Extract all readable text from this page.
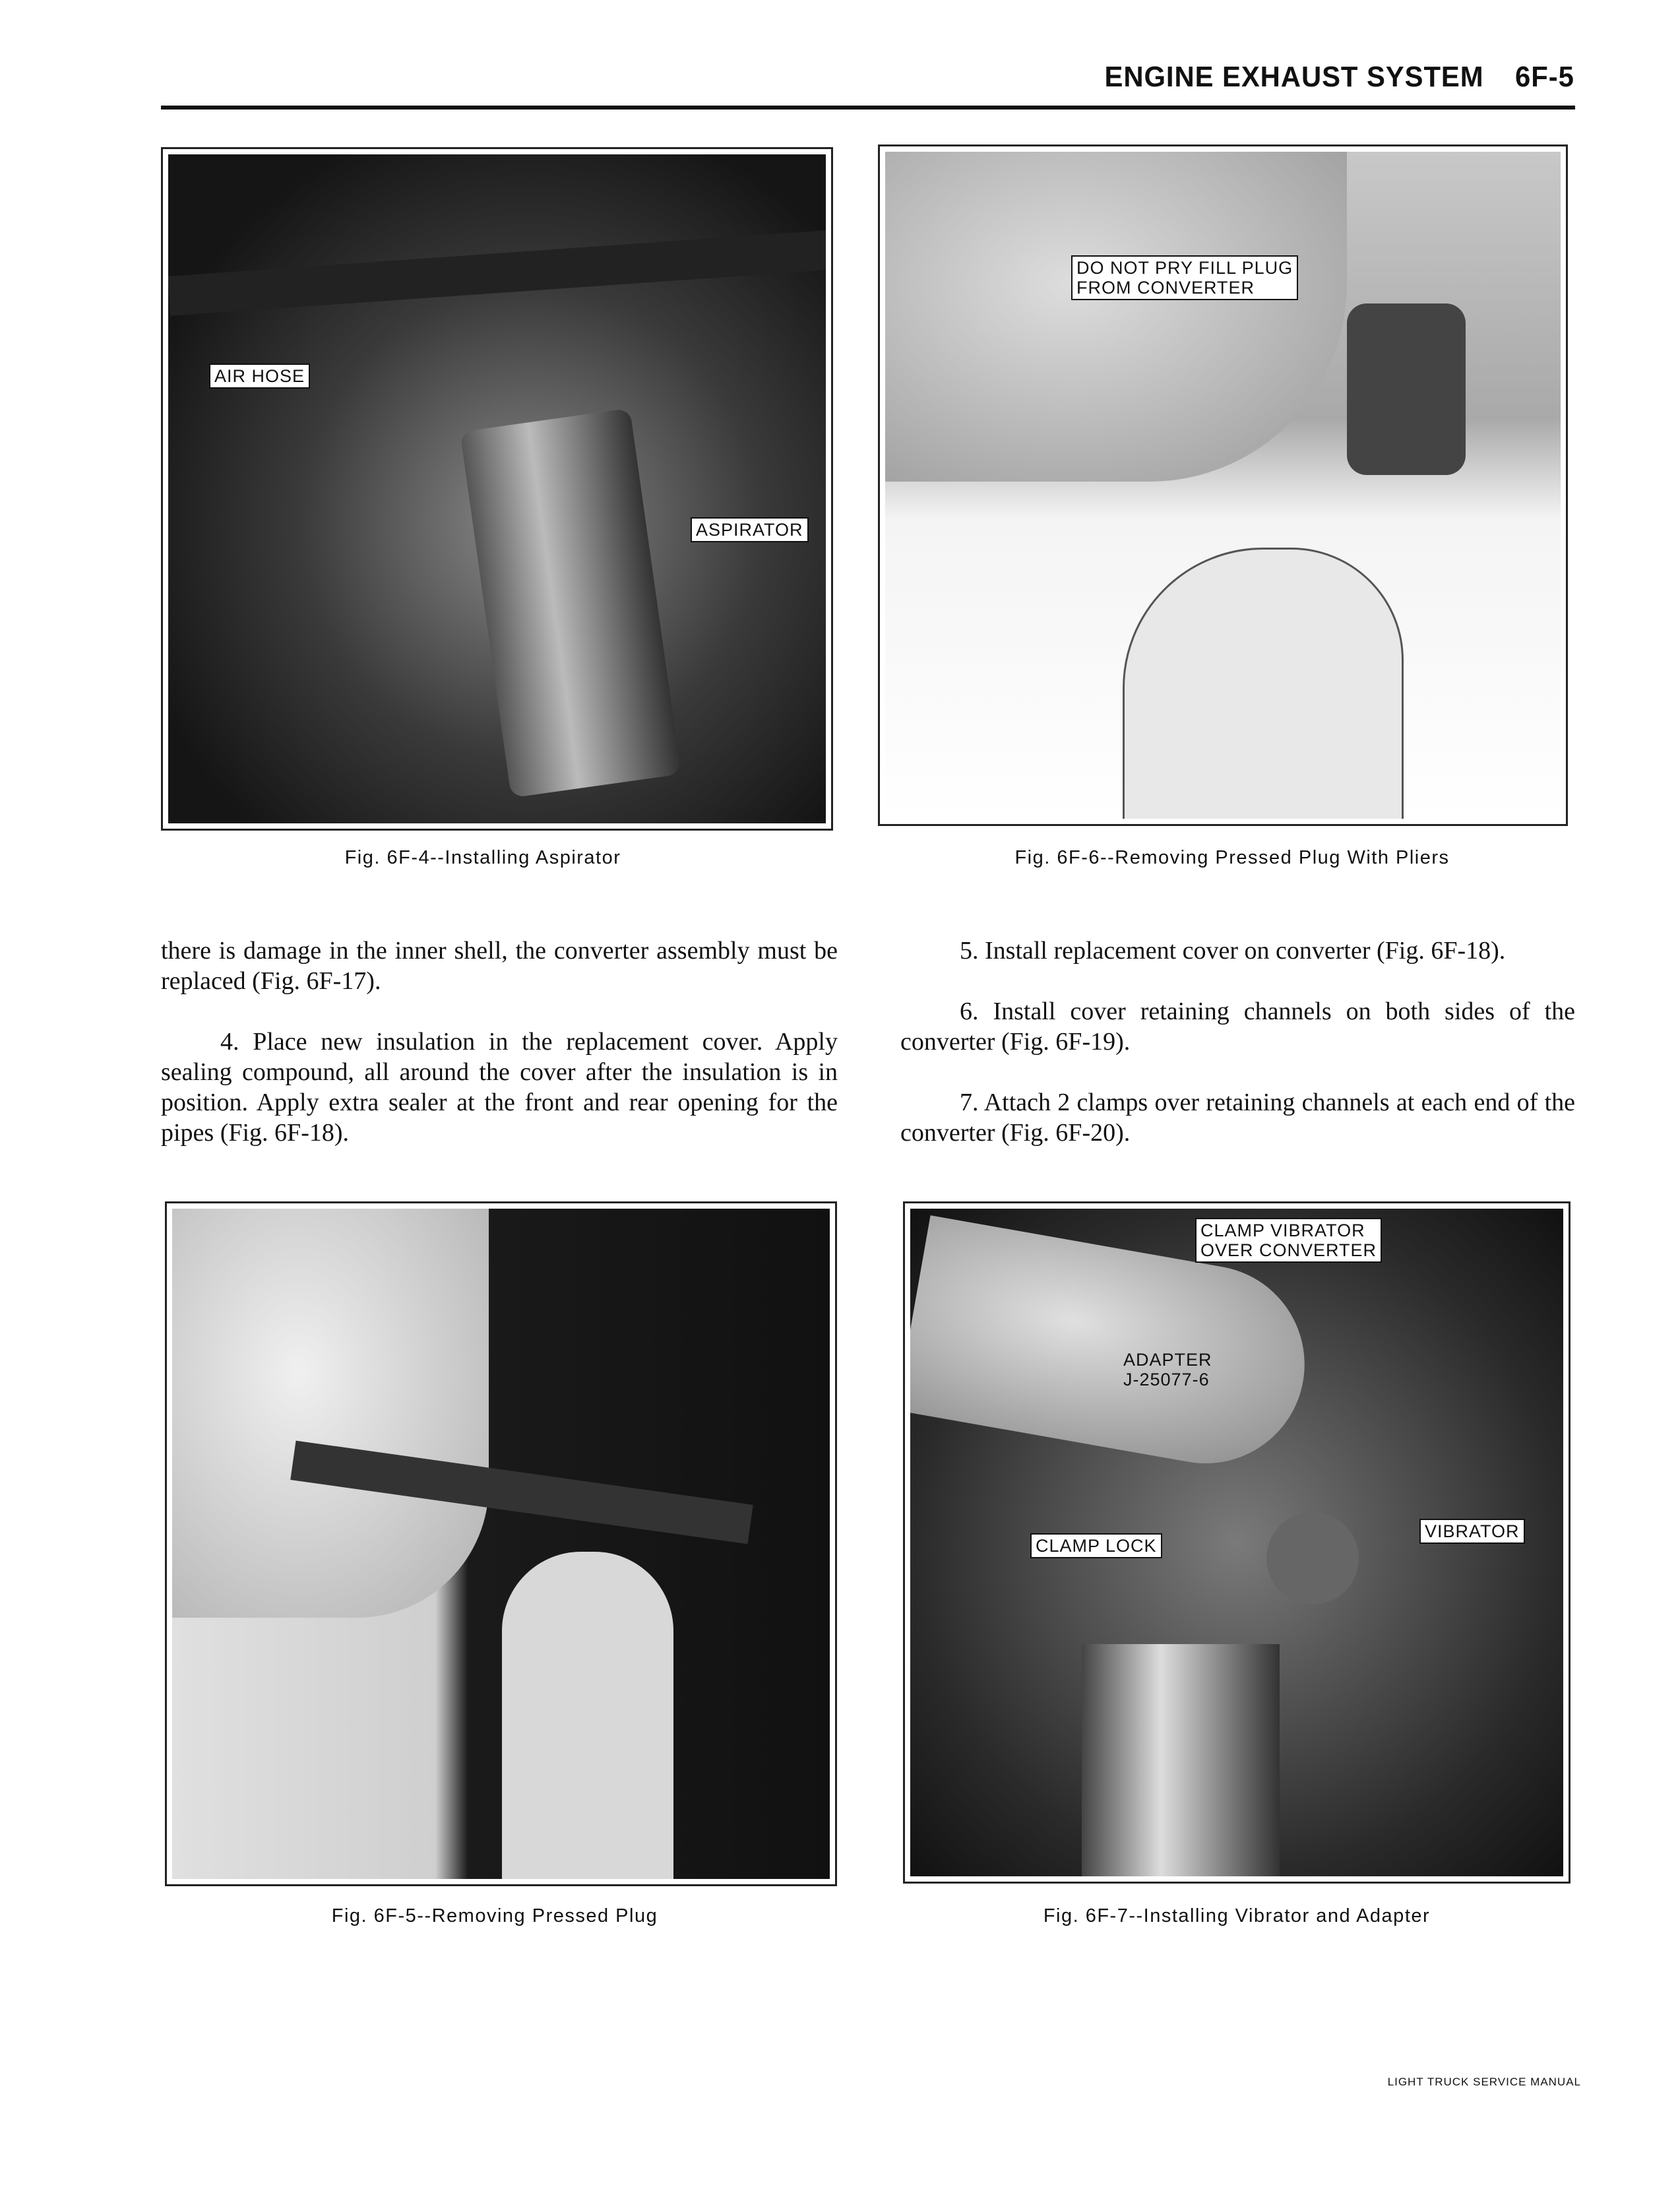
ENGINE EXHAUST SYSTEM 6F-5
AIR HOSE
ASPIRATOR
Fig. 6F-4--Installing Aspirator
DO NOT PRY FILL PLUG
FROM CONVERTER
Fig. 6F-6--Removing Pressed Plug With Pliers

there is damage in the inner shell, the converter assembly must be replaced (Fig. 6F-17).

4. Place new insulation in the replacement cover. Apply sealing compound, all around the cover after the insulation is in position. Apply extra sealer at the front and rear opening for the pipes (Fig. 6F-18).

5. Install replacement cover on converter (Fig. 6F-18).

6. Install cover retaining channels on both sides of the converter (Fig. 6F-19).

7. Attach 2 clamps over retaining channels at each end of the converter (Fig. 6F-20).

Fig. 6F-5--Removing Pressed Plug
CLAMP VIBRATOR
OVER CONVERTER
ADAPTER
J-25077-6
CLAMP LOCK
VIBRATOR
Fig. 6F-7--Installing Vibrator and Adapter
LIGHT TRUCK SERVICE MANUAL
